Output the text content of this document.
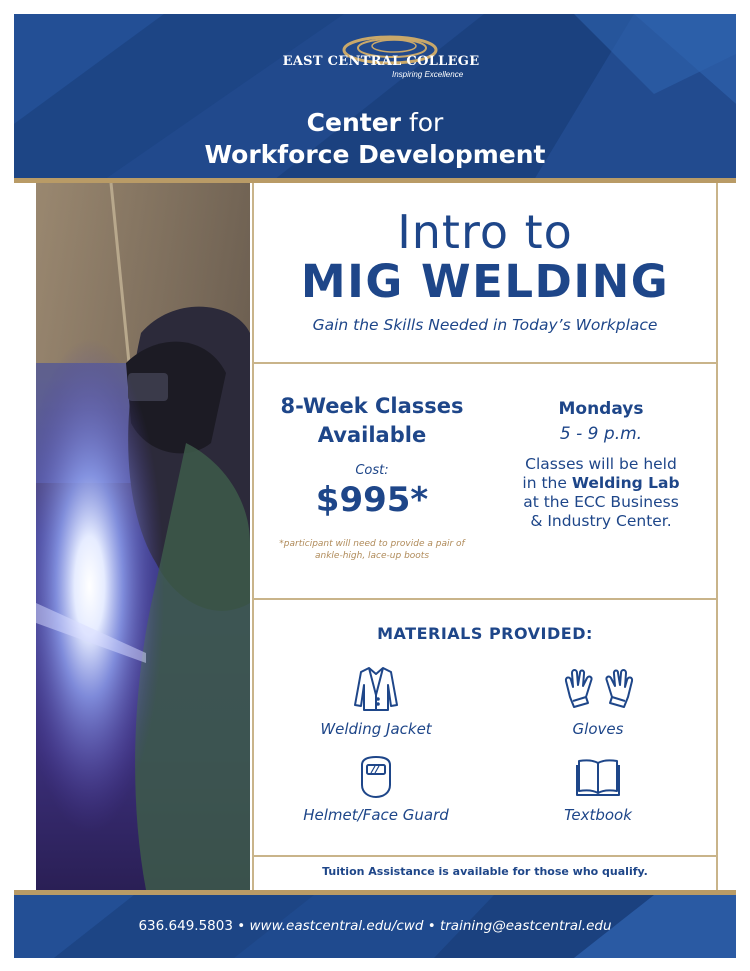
EAST CENTRAL COLLEGE
Inspiring Excellence
Center for
Workforce Development
Intro to
MIG WELDING
Gain the Skills Needed in Today’s Workplace
8-Week Classes
Available
Cost:
$995*
*participant will need to provide a pair of
ankle-high, lace-up boots
Mondays
5 - 9 p.m.
Classes will be held
in the Welding Lab
at the ECC Business
& Industry Center.
MATERIALS PROVIDED:
Welding Jacket	Gloves
Helmet/Face Guard	Textbook
Tuition Assistance is available for those who qualify.
636.649.5803 • www.eastcentral.edu/cwd • training@eastcentral.edu
